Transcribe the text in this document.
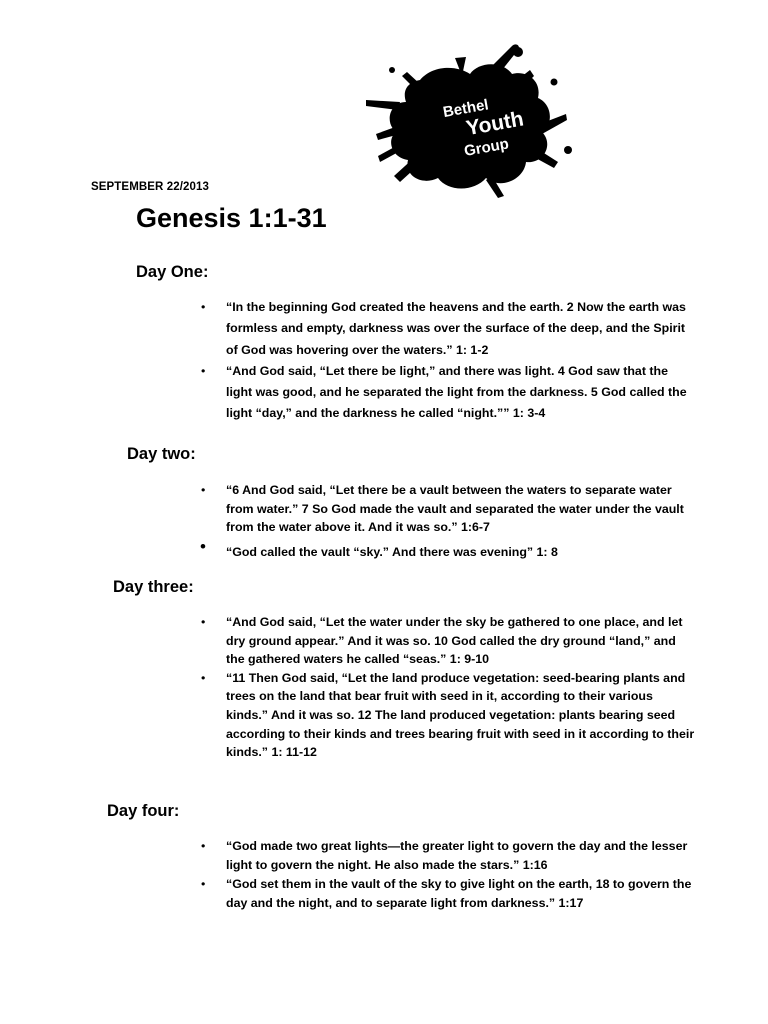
Bethel
Youth
Group
SEPTEMBER 22/2013
Genesis 1:1-31
Day One:
• “In the beginning God created the heavens and the earth. 2 Now the earth was formless and empty, darkness was over the surface of the deep, and the Spirit of God was hovering over the waters.” 1: 1-2
• “And God said, “Let there be light,” and there was light. 4 God saw that the light was good, and he separated the light from the darkness. 5 God called the light “day,” and the darkness he called “night.”” 1: 3-4
Day two:
• “6 And God said, “Let there be a vault between the waters to separate water from water.” 7 So God made the vault and separated the water under the vault from the water above it. And it was so.” 1:6-7
• “God called the vault “sky.” And there was evening” 1: 8
Day three:
• “And God said, “Let the water under the sky be gathered to one place, and let dry ground appear.” And it was so. 10 God called the dry ground “land,” and the gathered waters he called “seas.” 1: 9-10
• “11 Then God said, “Let the land produce vegetation: seed-bearing plants and trees on the land that bear fruit with seed in it, according to their various kinds.” And it was so. 12 The land produced vegetation: plants bearing seed according to their kinds and trees bearing fruit with seed in it according to their kinds.” 1: 11-12
Day four:
• “God made two great lights—the greater light to govern the day and the lesser light to govern the night. He also made the stars.” 1:16
• “God set them in the vault of the sky to give light on the earth, 18 to govern the day and the night, and to separate light from darkness.” 1:17
